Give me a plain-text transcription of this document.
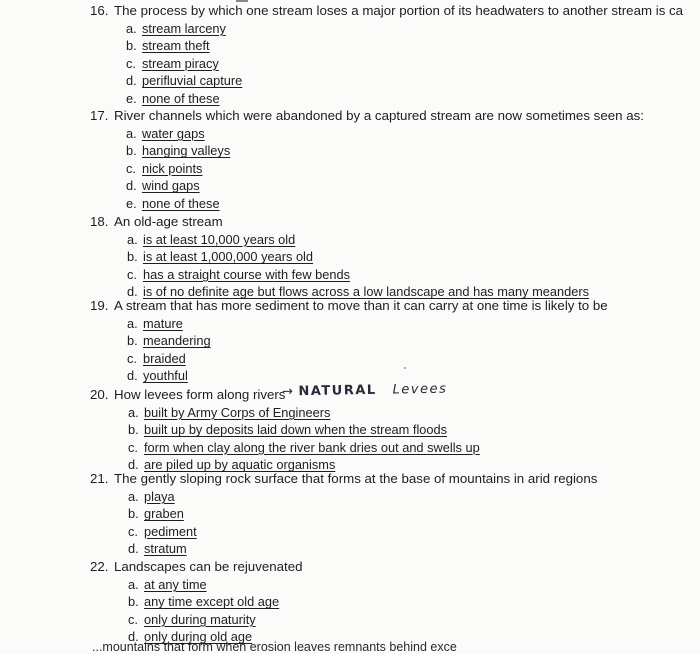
16. The process by which one stream loses a major portion of its headwaters to another stream is ca
a. stream larceny
b. stream theft
c. stream piracy
d. perifluvial capture
e. none of these
17. River channels which were abandoned by a captured stream are now sometimes seen as:
a. water gaps
b. hanging valleys
c. nick points
d. wind gaps
e. none of these
18. An old-age stream
a. is at least 10,000 years old
b. is at least 1,000,000 years old
c. has a straight course with few bends
d. is of no definite age but flows across a low landscape and has many meanders
19. A stream that has more sediment to move than it can carry at one time is likely to be
a. mature
b. meandering
c. braided
d. youthful
20. How levees form along rivers
a. built by Army Corps of Engineers
b. built up by deposits laid down when the stream floods
c. form when clay along the river bank dries out and swells up
d. are piled up by aquatic organisms
21. The gently sloping rock surface that forms at the base of mountains in arid regions
a. playa
b. graben
c. pediment
d. stratum
22. Landscapes can be rejuvenated
a. at any time
b. any time except old age
c. only during maturity
d. only during old age
→ NATURAL Levees
...mountains that form when erosion leaves remnants behind exce
